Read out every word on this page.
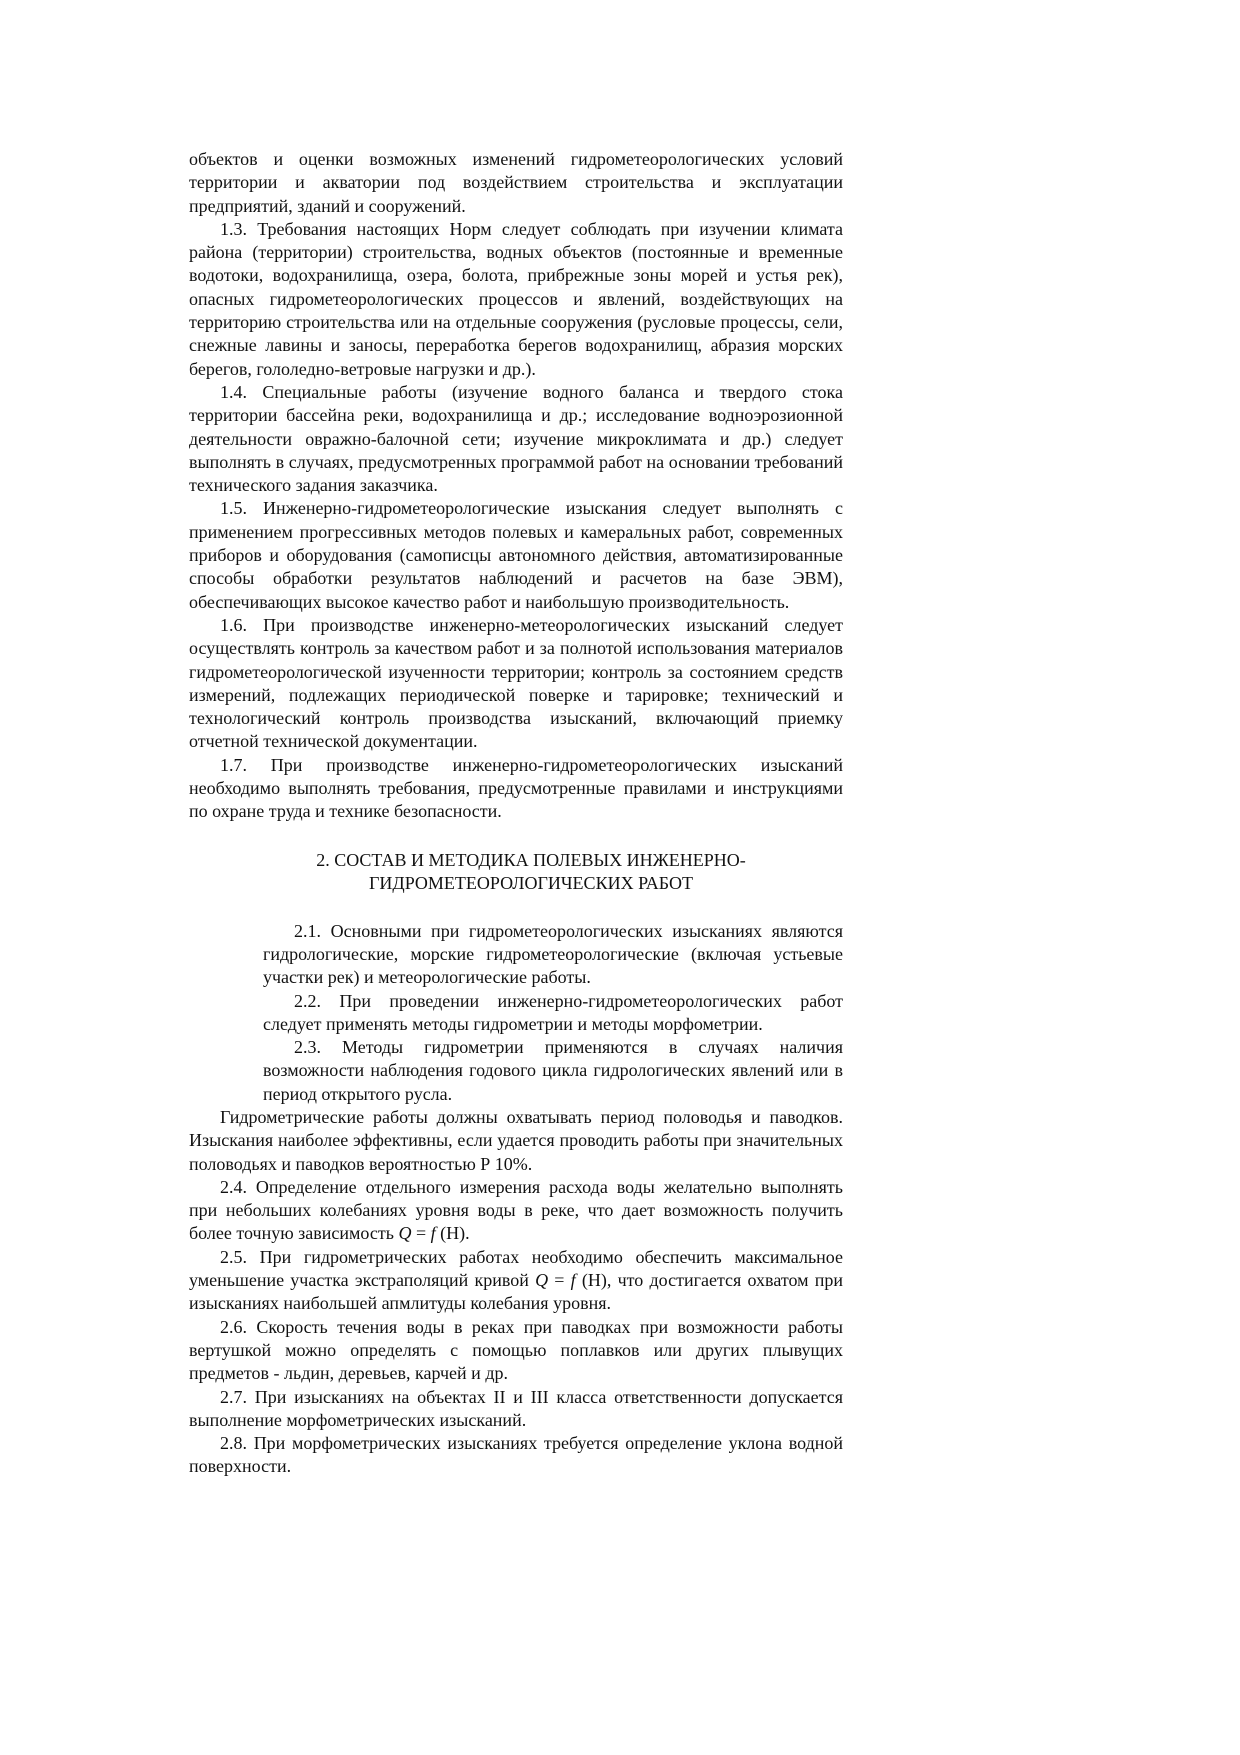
объектов и оценки возможных изменений гидрометеорологических условий территории и акватории под воздействием строительства и эксплуатации предприятий, зданий и сооружений.

1.3. Требования настоящих Норм следует соблюдать при изучении климата района (территории) строительства, водных объектов (постоянные и временные водотоки, водохранилища, озера, болота, прибрежные зоны морей и устья рек), опасных гидрометеорологических процессов и явлений, воздействующих на территорию строительства или на отдельные сооружения (русловые процессы, сели, снежные лавины и заносы, переработка берегов водохранилищ, абразия морских берегов, гололедно-ветровые нагрузки и др.).

1.4. Специальные работы (изучение водного баланса и твердого стока территории бассейна реки, водохранилища и др.; исследование водноэрозионной деятельности овражно-балочной сети; изучение микроклимата и др.) следует выполнять в случаях, предусмотренных программой работ на основании требований технического задания заказчика.

1.5. Инженерно-гидрометеорологические изыскания следует выполнять с применением прогрессивных методов полевых и камеральных работ, современных приборов и оборудования (самописцы автономного действия, автоматизированные способы обработки результатов наблюдений и расчетов на базе ЭВМ), обеспечивающих высокое качество работ и наибольшую производительность.

1.6. При производстве инженерно-метеорологических изысканий следует осуществлять контроль за качеством работ и за полнотой использования материалов гидрометеорологической изученности территории; контроль за состоянием средств измерений, подлежащих периодической поверке и тарировке; технический и технологический контроль производства изысканий, включающий приемку отчетной технической документации.

1.7. При производстве инженерно-гидрометеорологических изысканий необходимо выполнять требования, предусмотренные правилами и инструкциями по охране труда и технике безопасности.

2. СОСТАВ И МЕТОДИКА ПОЛЕВЫХ ИНЖЕНЕРНО-
ГИДРОМЕТЕОРОЛОГИЧЕСКИХ РАБОТ

2.1. Основными при гидрометеорологических изысканиях являются гидрологические, морские гидрометеорологические (включая устьевые участки рек) и метеорологические работы.

2.2. При проведении инженерно-гидрометеорологических работ следует применять методы гидрометрии и методы морфометрии.

2.3. Методы гидрометрии применяются в случаях наличия возможности наблюдения годового цикла гидрологических явлений или в период открытого русла.

Гидрометрические работы должны охватывать период половодья и паводков. Изыскания наиболее эффективны, если удается проводить работы при значительных половодьях и паводков вероятностью Р 10%.

2.4. Определение отдельного измерения расхода воды желательно выполнять при небольших колебаниях уровня воды в реке, что дает возможность получить более точную зависимость Q = f (H).

2.5. При гидрометрических работах необходимо обеспечить максимальное уменьшение участка экстраполяций кривой Q = f (H), что достигается охватом при изысканиях наибольшей апмлитуды колебания уровня.

2.6. Скорость течения воды в реках при паводках при возможности работы вертушкой можно определять с помощью поплавков или других плывущих предметов - льдин, деревьев, карчей и др.

2.7. При изысканиях на объектах II и III класса ответственности допускается выполнение морфометрических изысканий.

2.8. При морфометрических изысканиях требуется определение уклона водной поверхности.
